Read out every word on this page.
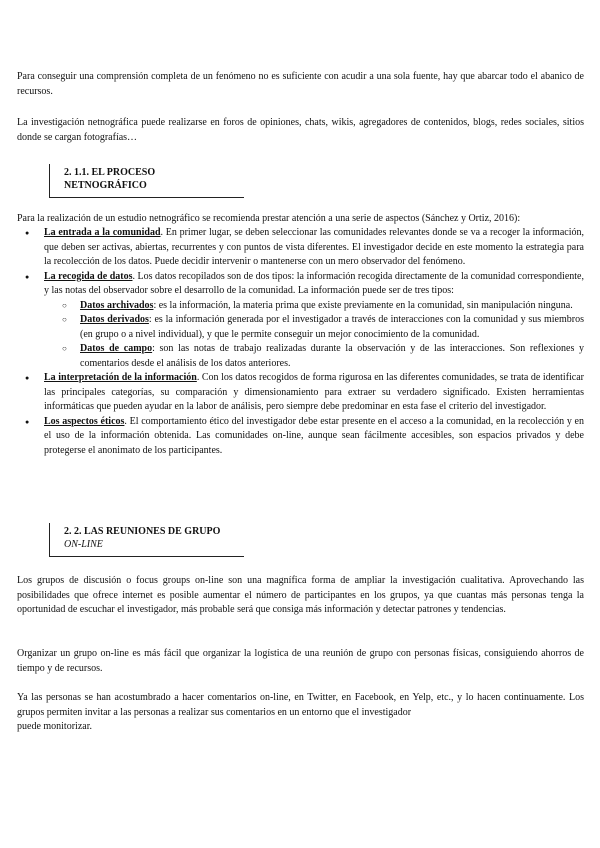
Para conseguir una comprensión completa de un fenómeno no es suficiente con acudir a una sola fuente, hay que abarcar todo el abanico de recursos.

La investigación netnográfica puede realizarse en foros de opiniones, chats, wikis, agregadores de contenidos, blogs, redes sociales, sitios donde se cargan fotografías…

2. 1.1. EL PROCESO
NETNOGRÁFICO

Para la realización de un estudio netnográfico se recomienda prestar atención a una serie de aspectos (Sánchez y Ortiz, 2016):

● La entrada a la comunidad. En primer lugar, se deben seleccionar las comunidades relevantes donde se va a recoger la información, que deben ser activas, abiertas, recurrentes y con puntos de vista diferentes. El investigador decide en este momento la estrategia para la recolección de los datos. Puede decidir intervenir o mantenerse con un mero observador del fenómeno.
● La recogida de datos. Los datos recopilados son de dos tipos: la información recogida directamente de la comunidad correspondiente, y las notas del observador sobre el desarrollo de la comunidad. La información puede ser de tres tipos:
○ Datos archivados: es la información, la materia prima que existe previamente en la comunidad, sin manipulación ninguna.
○ Datos derivados: es la información generada por el investigador a través de interacciones con la comunidad y sus miembros (en grupo o a nivel individual), y que le permite conseguir un mejor conocimiento de la comunidad.
○ Datos de campo: son las notas de trabajo realizadas durante la observación y de las interacciones. Son reflexiones y comentarios desde el análisis de los datos anteriores.
● La interpretación de la información. Con los datos recogidos de forma rigurosa en las diferentes comunidades, se trata de identificar las principales categorías, su comparación y dimensionamiento para extraer su verdadero significado. Existen herramientas informáticas que pueden ayudar en la labor de análisis, pero siempre debe predominar en esta fase el criterio del investigador.
● Los aspectos éticos. El comportamiento ético del investigador debe estar presente en el acceso a la comunidad, en la recolección y en el uso de la información obtenida. Las comunidades on-line, aunque sean fácilmente accesibles, son espacios privados y debe protegerse el anonimato de los participantes.
2. 2. LAS REUNIONES DE GRUPO
ON-LINE

Los grupos de discusión o focus groups on-line son una magnífica forma de ampliar la investigación cualitativa. Aprovechando las posibilidades que ofrece internet es posible aumentar el número de participantes en los grupos, ya que cuantas más personas tenga la oportunidad de escuchar el investigador, más probable será que consiga más información y detectar patrones y tendencias.

Organizar un grupo on-line es más fácil que organizar la logística de una reunión de grupo con personas físicas, consiguiendo ahorros de tiempo y de recursos.

Ya las personas se han acostumbrado a hacer comentarios on-line, en Twitter, en Facebook, en Yelp, etc., y lo hacen continuamente. Los grupos permiten invitar a las personas a realizar sus comentarios en un entorno que el investigador
puede monitorizar.
